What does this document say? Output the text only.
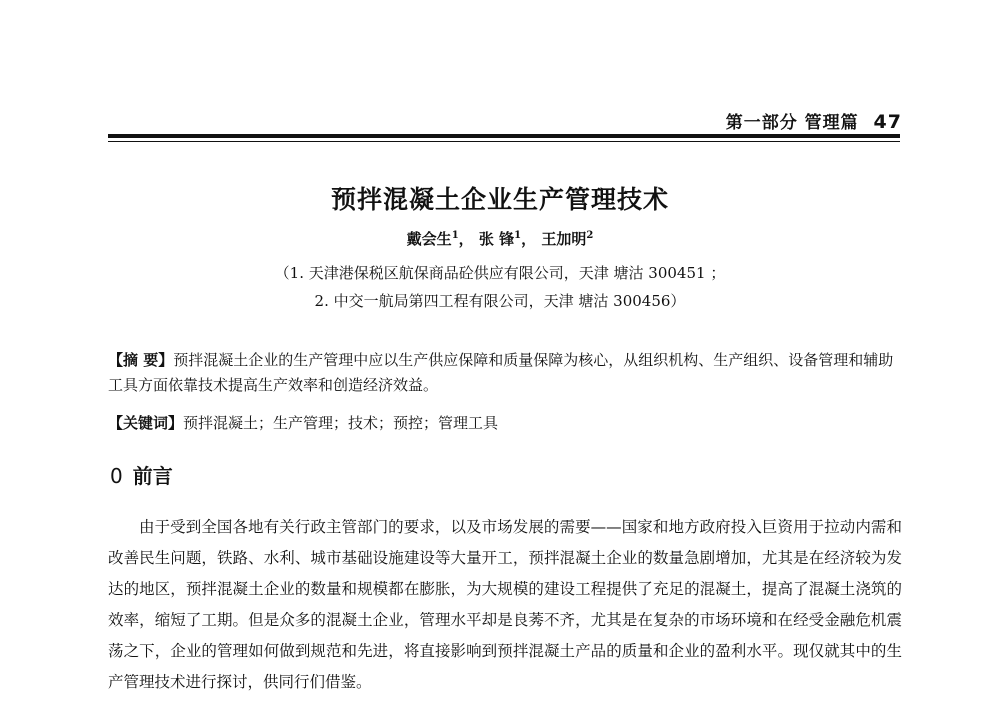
第一部分 管理篇 47
预拌混凝土企业生产管理技术
戴会生$^1$， 张 锋$^1$， 王加明$^2$
（1. 天津港保税区航保商品砼供应有限公司，天津 塘沽 300451 ；
2. 中交一航局第四工程有限公司，天津 塘沽 300456）
【摘 要】预拌混凝土企业的生产管理中应以生产供应保障和质量保障为核心，从组织机构、生产组织、设备管理和辅助工具方面依靠技术提高生产效率和创造经济效益。
【关键词】预拌混凝土；生产管理；技术；预控；管理工具
0 前言

由于受到全国各地有关行政主管部门的要求，以及市场发展的需要——国家和地方政府投入巨资用于拉动内需和改善民生问题，铁路、水利、城市基础设施建设等大量开工，预拌混凝土企业的数量急剧增加，尤其是在经济较为发达的地区，预拌混凝土企业的数量和规模都在膨胀，为大规模的建设工程提供了充足的混凝土，提高了混凝土浇筑的效率，缩短了工期。但是众多的混凝土企业，管理水平却是良莠不齐，尤其是在复杂的市场环境和在经受金融危机震荡之下，企业的管理如何做到规范和先进，将直接影响到预拌混凝土产品的质量和企业的盈利水平。现仅就其中的生产管理技术进行探讨，供同行们借鉴。
